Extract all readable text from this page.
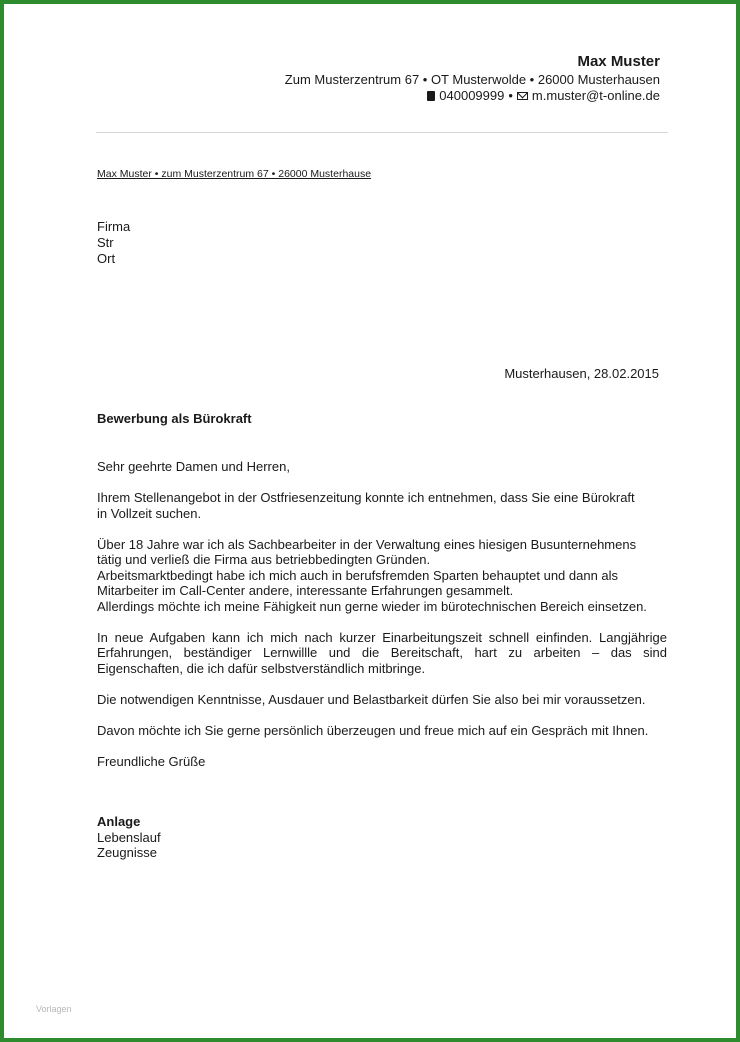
Max Muster
Zum Musterzentrum 67 • OT Musterwolde • 26000 Musterhausen
040009999 • m.muster@t-online.de
Max Muster • zum Musterzentrum 67 • 26000 Musterhause
Firma
Str
Ort
Musterhausen, 28.02.2015
Bewerbung als Bürokraft

Sehr geehrte Damen und Herren,

Ihrem Stellenangebot in der Ostfriesenzeitung konnte ich entnehmen, dass Sie eine Bürokraft
in Vollzeit suchen.

Über 18 Jahre war ich als Sachbearbeiter in der Verwaltung eines hiesigen Busunternehmens
tätig und verließ die Firma aus betriebbedingten Gründen.
Arbeitsmarktbedingt habe ich mich auch in berufsfremden Sparten behauptet und dann als
Mitarbeiter im Call-Center andere, interessante Erfahrungen gesammelt.
Allerdings möchte ich meine Fähigkeit nun gerne wieder im bürotechnischen Bereich einsetzen.

In neue Aufgaben kann ich mich nach kurzer Einarbeitungszeit schnell einfinden. Langjährige Erfahrungen, beständiger Lernwillle und die Bereitschaft, hart zu arbeiten – das sind Eigenschaften, die ich dafür selbstverständlich mitbringe.

Die notwendigen Kenntnisse, Ausdauer und Belastbarkeit dürfen Sie also bei mir voraussetzen.

Davon möchte ich Sie gerne persönlich überzeugen und freue mich auf ein Gespräch mit Ihnen.

Freundliche Grüße

Anlage
Lebenslauf
Zeugnisse
Vorlagen
